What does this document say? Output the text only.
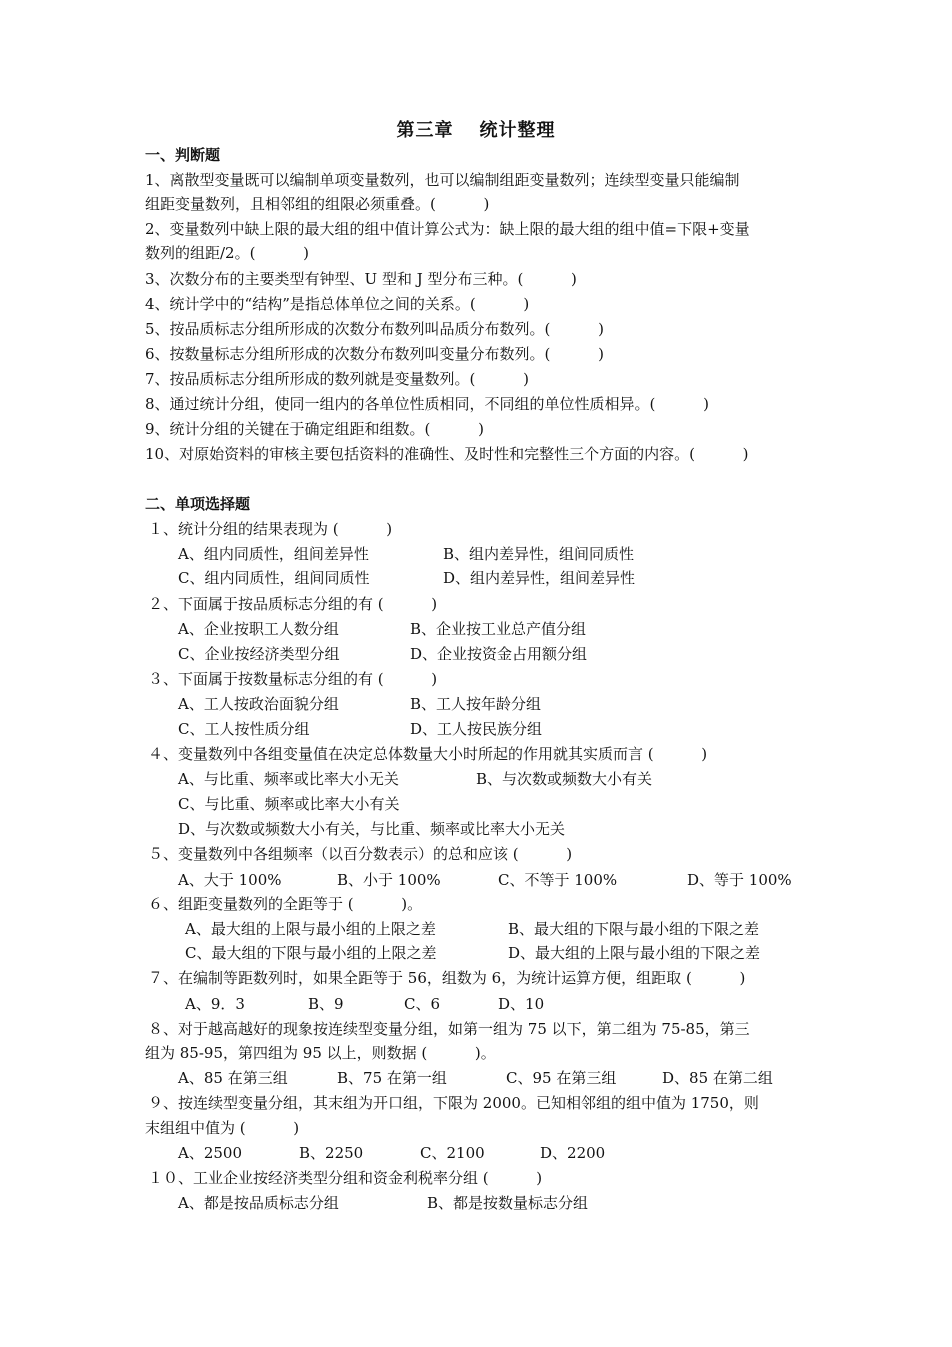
第三章 统计整理
一、判断题
1、离散型变量既可以编制单项变量数列，也可以编制组距变量数列；连续型变量只能编制
组距变量数列，且相邻组的组限必须重叠。(          )
2、变量数列中缺上限的最大组的组中值计算公式为：缺上限的最大组的组中值=下限+变量
数列的组距/2。(          )
3、次数分布的主要类型有钟型、U 型和 J 型分布三种。(          )
4、统计学中的“结构”是指总体单位之间的关系。(          )
5、按品质标志分组所形成的次数分布数列叫品质分布数列。(          )
6、按数量标志分组所形成的次数分布数列叫变量分布数列。(          )
7、按品质标志分组所形成的数列就是变量数列。(          )
8、通过统计分组，使同一组内的各单位性质相同，不同组的单位性质相异。(          )
9、统计分组的关键在于确定组距和组数。(          )
10、对原始资料的审核主要包括资料的准确性、及时性和完整性三个方面的内容。(          )
二、单项选择题
１、统计分组的结果表现为 (          )
A、组内同质性，组间差异性	B、组内差异性，组间同质性
C、组内同质性，组间同质性	D、组内差异性，组间差异性
２、下面属于按品质标志分组的有 (          )
A、企业按职工人数分组	B、企业按工业总产值分组
C、企业按经济类型分组	D、企业按资金占用额分组
３、下面属于按数量标志分组的有 (          )
A、工人按政治面貌分组	B、工人按年龄分组
C、工人按性质分组	D、工人按民族分组
４、变量数列中各组变量值在决定总体数量大小时所起的作用就其实质而言 (          )
A、与比重、频率或比率大小无关	B、与次数或频数大小有关
C、与比重、频率或比率大小有关
D、与次数或频数大小有关，与比重、频率或比率大小无关
５、变量数列中各组频率（以百分数表示）的总和应该 (          )
A、大于 100%	B、小于 100%	C、不等于 100%	D、等于 100%
６、组距变量数列的全距等于 (          )。
A、最大组的上限与最小组的上限之差	B、最大组的下限与最小组的下限之差
C、最大组的下限与最小组的上限之差	D、最大组的上限与最小组的下限之差
７、在编制等距数列时，如果全距等于 56，组数为 6，为统计运算方便，组距取 (          )
A、9．3	B、9	C、6	D、10
８、对于越高越好的现象按连续型变量分组，如第一组为 75 以下，第二组为 75-85，第三
组为 85-95，第四组为 95 以上，则数据 (          )。
A、85 在第三组	B、75 在第一组	C、95 在第三组	D、85 在第二组
９、按连续型变量分组，其末组为开口组，下限为 2000。已知相邻组的组中值为 1750，则
末组组中值为 (          )
A、2500	B、2250	C、2100	D、2200
１０、工业企业按经济类型分组和资金利税率分组 (          )
A、都是按品质标志分组	B、都是按数量标志分组
